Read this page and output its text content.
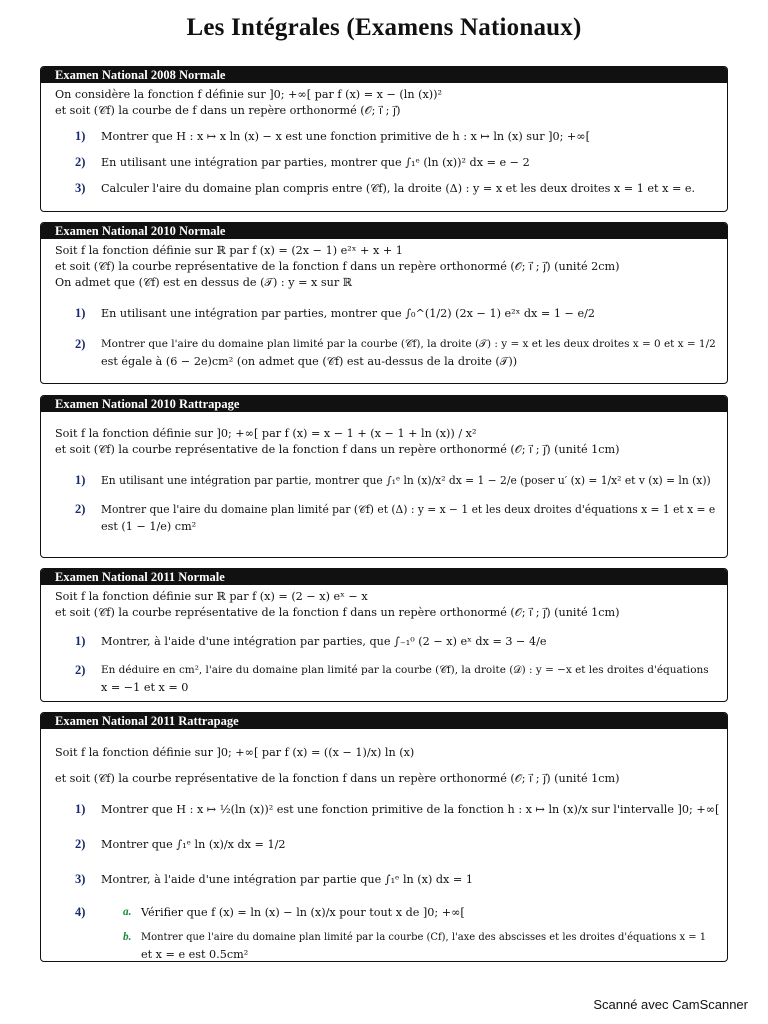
Les Intégrales (Examens Nationaux)
Examen National 2008 Normale
On considère la fonction f définie sur ]0; +∞[ par f (x) = x − (ln (x))²
et soit (𝒞f) la courbe de f dans un repère orthonormé (𝒪; i⃗ ; j⃗)
1) Montrer que H : x ↦ x ln (x) − x est une fonction primitive de h : x ↦ ln (x) sur ]0; +∞[
2) En utilisant une intégration par parties, montrer que ∫₁ᵉ (ln (x))² dx = e − 2
3) Calculer l'aire du domaine plan compris entre (𝒞f), la droite (Δ) : y = x et les deux droites x = 1 et x = e.
Examen National 2010 Normale
Soit f la fonction définie sur ℝ par f (x) = (2x − 1) e²ˣ + x + 1
et soit (𝒞f) la courbe représentative de la fonction f dans un repère orthonormé (𝒪; i⃗ ; j⃗) (unité 2cm)
On admet que (𝒞f) est en dessus de (𝒯) : y = x sur ℝ
1) En utilisant une intégration par parties, montrer que ∫₀^(1/2) (2x − 1) e²ˣ dx = 1 − e/2
2) Montrer que l'aire du domaine plan limité par la courbe (𝒞f), la droite (𝒯) : y = x et les deux droites x = 0 et x = 1/2
est égale à (6 − 2e)cm² (on admet que (𝒞f) est au-dessus de la droite (𝒯))
Examen National 2010 Rattrapage
Soit f la fonction définie sur ]0; +∞[ par f (x) = x − 1 + (x − 1 + ln (x)) / x²
et soit (𝒞f) la courbe représentative de la fonction f dans un repère orthonormé (𝒪; i⃗ ; j⃗) (unité 1cm)
1) En utilisant une intégration par partie, montrer que ∫₁ᵉ ln (x)/x² dx = 1 − 2/e (poser u′ (x) = 1/x² et v (x) = ln (x))
2) Montrer que l'aire du domaine plan limité par (𝒞f) et (Δ) : y = x − 1 et les deux droites d'équations x = 1 et x = e
est (1 − 1/e) cm²
Examen National 2011 Normale
Soit f la fonction définie sur ℝ par f (x) = (2 − x) eˣ − x
et soit (𝒞f) la courbe représentative de la fonction f dans un repère orthonormé (𝒪; i⃗ ; j⃗) (unité 1cm)
1) Montrer, à l'aide d'une intégration par parties, que ∫₋₁⁰ (2 − x) eˣ dx = 3 − 4/e
2) En déduire en cm², l'aire du domaine plan limité par la courbe (𝒞f), la droite (𝒟) : y = −x et les droites d'équations
x = −1 et x = 0
Examen National 2011 Rattrapage
Soit f la fonction définie sur ]0; +∞[ par f (x) = ((x − 1)/x) ln (x)
et soit (𝒞f) la courbe représentative de la fonction f dans un repère orthonormé (𝒪; i⃗ ; j⃗) (unité 1cm)
1) Montrer que H : x ↦ ½(ln (x))² est une fonction primitive de la fonction h : x ↦ ln (x)/x sur l'intervalle ]0; +∞[
2) Montrer que ∫₁ᵉ ln (x)/x dx = 1/2
3) Montrer, à l'aide d'une intégration par partie que ∫₁ᵉ ln (x) dx = 1
4)	a. Vérifier que f (x) = ln (x) − ln (x)/x pour tout x de ]0; +∞[
b. Montrer que l'aire du domaine plan limité par la courbe (Cf), l'axe des abscisses et les droites d'équations x = 1
et x = e est 0.5cm²
Scanné avec CamScanner
